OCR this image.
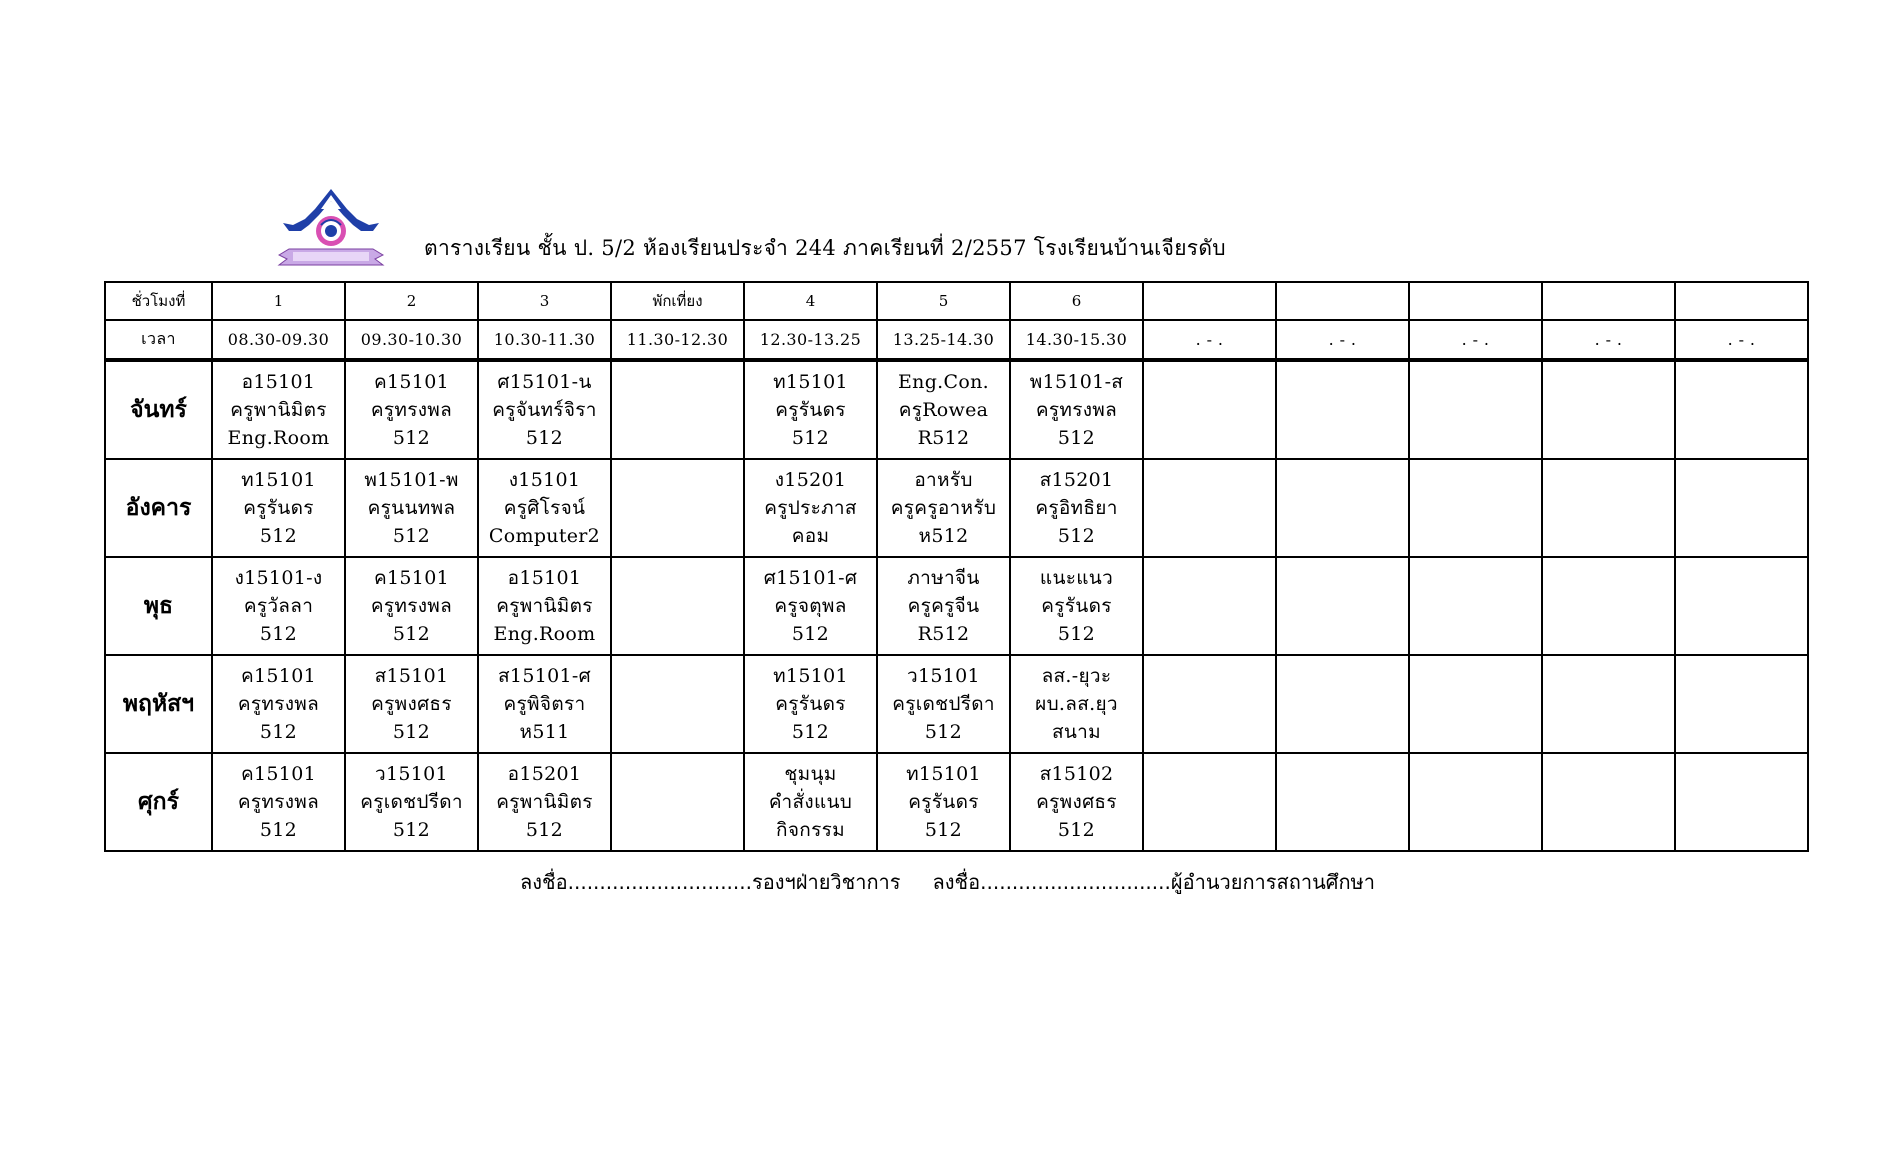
ตารางเรียน ชั้น ป. 5/2 ห้องเรียนประจำ 244 ภาคเรียนที่ 2/2557 โรงเรียนบ้านเจียรดับ
ชั่วโมงที่	1	2	3	พักเที่ยง	4	5	6					
เวลา	08.30-09.30	09.30-10.30	10.30-11.30	11.30-12.30	12.30-13.25	13.25-14.30	14.30-15.30	. - .	. - .	. - .	. - .	. - .
จันทร์	อ15101
ครูพานิมิตร
Eng.Room	ค15101
ครูทรงพล
512	ศ15101-น
ครูจันทร์จิรา
512		ท15101
ครูรันดร
512	Eng.Con.
ครูRowea
R512	พ15101-ส
ครูทรงพล
512					

อังคาร	ท15101
ครูรันดร
512	พ15101-พ
ครูนนทพล
512	ง15101
ครูศิโรจน์
Computer2		ง15201
ครูประภาส
คอม	อาหรับ
ครูครูอาหรับ
ห512	ส15201
ครูอิทธิยา
512					

พุธ	ง15101-ง
ครูวัลลา
512	ค15101
ครูทรงพล
512	อ15101
ครูพานิมิตร
Eng.Room		ศ15101-ศ
ครูจตุพล
512	ภาษาจีน
ครูครูจีน
R512	แนะแนว
ครูรันดร
512					

พฤหัสฯ	ค15101
ครูทรงพล
512	ส15101
ครูพงศธร
512	ส15101-ศ
ครูพิจิตรา
ห511		ท15101
ครูรันดร
512	ว15101
ครูเดชปรีดา
512	ลส.-ยุวะ
ผบ.ลส.ยุว
สนาม					

ศุกร์	ค15101
ครูทรงพล
512	ว15101
ครูเดชปรีดา
512	อ15201
ครูพานิมิตร
512		ชุมนุม
คำสั่งแนบ
กิจกรรม	ท15101
ครูรันดร
512	ส15102
ครูพงศธร
512					

ลงชื่อ.............................รองฯฝ่ายวิชาการ ลงชื่อ..............................ผู้อำนวยการสถานศึกษา
